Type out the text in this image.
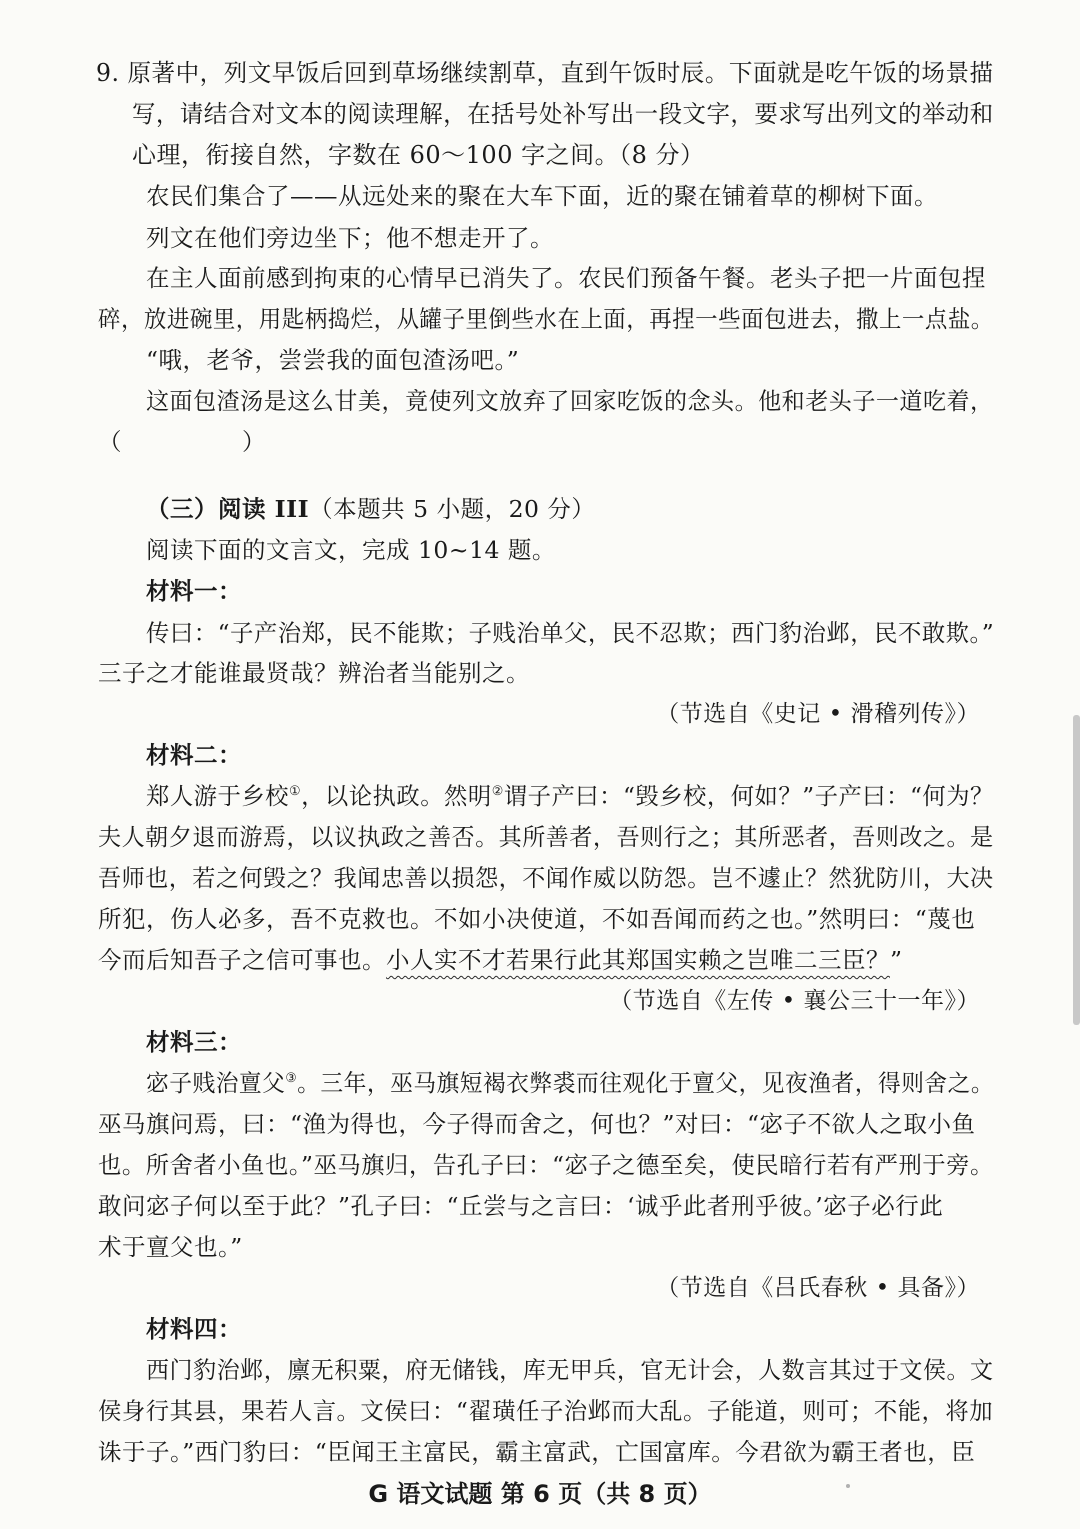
9. 原著中，列文早饭后回到草场继续割草，直到午饭时辰。下面就是吃午饭的场景描
写，请结合对文本的阅读理解，在括号处补写出一段文字，要求写出列文的举动和
心理，衔接自然，字数在 60～100 字之间。（8 分）
农民们集合了——从远处来的聚在大车下面，近的聚在铺着草的柳树下面。
列文在他们旁边坐下；他不想走开了。
在主人面前感到拘束的心情早已消失了。农民们预备午餐。老头子把一片面包捏
碎，放进碗里，用匙柄捣烂，从罐子里倒些水在上面，再捏一些面包进去，撒上一点盐。
“哦，老爷，尝尝我的面包渣汤吧。”
这面包渣汤是这么甘美，竟使列文放弃了回家吃饭的念头。他和老头子一道吃着，
（　　　　　）
（三）阅读 III（本题共 5 小题，20 分）
阅读下面的文言文，完成 10~14 题。
材料一：
传曰：“子产治郑，民不能欺；子贱治单父，民不忍欺；西门豹治邺，民不敢欺。”
三子之才能谁最贤哉？辨治者当能别之。
（节选自《史记 • 滑稽列传》）
材料二：
郑人游于乡校①，以论执政。然明②谓子产曰：“毁乡校，何如？”子产曰：“何为？
夫人朝夕退而游焉，以议执政之善否。其所善者，吾则行之；其所恶者，吾则改之。是
吾师也，若之何毁之？我闻忠善以损怨，不闻作威以防怨。岂不遽止？然犹防川，大决
所犯，伤人必多，吾不克救也。不如小决使道，不如吾闻而药之也。”然明曰：“蔑也
今而后知吾子之信可事也。小人实不才若果行此其郑国实赖之岂唯二三臣？”
（节选自《左传 • 襄公三十一年》）
材料三：
宓子贱治亶父③。三年，巫马旗短褐衣弊裘而往观化于亶父，见夜渔者，得则舍之。
巫马旗问焉，曰：“渔为得也，今子得而舍之，何也？”对曰：“宓子不欲人之取小鱼
也。所舍者小鱼也。”巫马旗归，告孔子曰：“宓子之德至矣，使民暗行若有严刑于旁。
敢问宓子何以至于此？”孔子曰：“丘尝与之言曰：‘诚乎此者刑乎彼。’宓子必行此
术于亶父也。”
（节选自《吕氏春秋 • 具备》）
材料四：
西门豹治邺，廪无积粟，府无储钱，库无甲兵，官无计会，人数言其过于文侯。文
侯身行其县，果若人言。文侯曰：“翟璜任子治邺而大乱。子能道，则可；不能，将加
诛于子。”西门豹曰：“臣闻王主富民，霸主富武，亡国富库。今君欲为霸王者也，臣
G 语文试题 第 6 页（共 8 页）
